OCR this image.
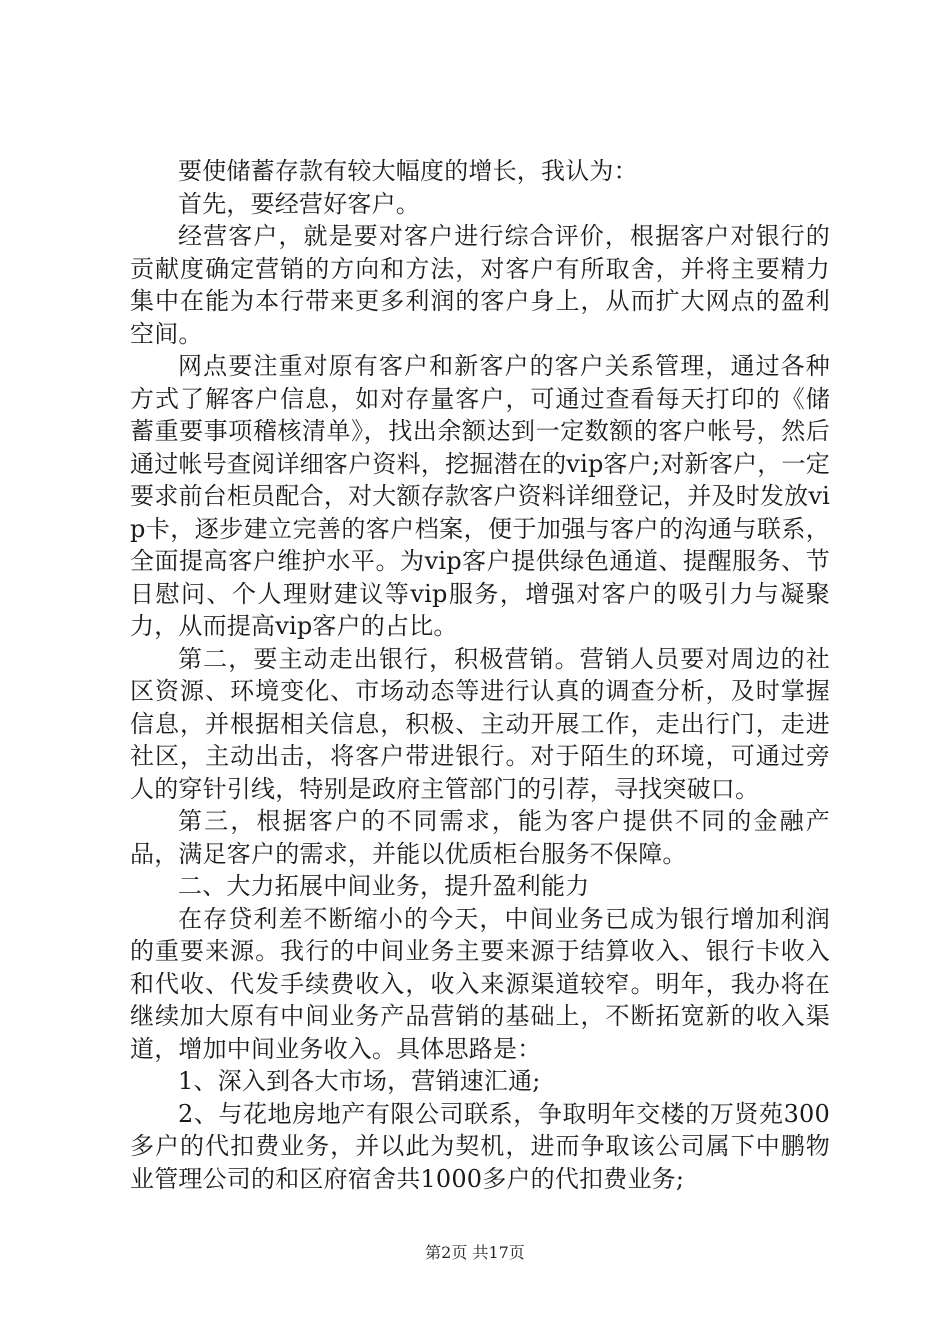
要使储蓄存款有较大幅度的增长，我认为：

首先，要经营好客户。

经营客户，就是要对客户进行综合评价，根据客户对银行的贡献度确定营销的方向和方法，对客户有所取舍，并将主要精力集中在能为本行带来更多利润的客户身上，从而扩大网点的盈利空间。

网点要注重对原有客户和新客户的客户关系管理，通过各种方式了解客户信息，如对存量客户，可通过查看每天打印的《储蓄重要事项稽核清单》，找出余额达到一定数额的客户帐号，然后通过帐号查阅详细客户资料，挖掘潜在的vip客户;对新客户，一定要求前台柜员配合，对大额存款客户资料详细登记，并及时发放vip卡，逐步建立完善的客户档案，便于加强与客户的沟通与联系，全面提高客户维护水平。为vip客户提供绿色通道、提醒服务、节日慰问、个人理财建议等vip服务，增强对客户的吸引力与凝聚力，从而提高vip客户的占比。

第二，要主动走出银行，积极营销。营销人员要对周边的社区资源、环境变化、市场动态等进行认真的调查分析，及时掌握信息，并根据相关信息，积极、主动开展工作，走出行门，走进社区，主动出击，将客户带进银行。对于陌生的环境，可通过旁人的穿针引线，特别是政府主管部门的引荐，寻找突破口。

第三，根据客户的不同需求，能为客户提供不同的金融产品，满足客户的需求，并能以优质柜台服务不保障。

二、大力拓展中间业务，提升盈利能力

在存贷利差不断缩小的今天，中间业务已成为银行增加利润的重要来源。我行的中间业务主要来源于结算收入、银行卡收入和代收、代发手续费收入，收入来源渠道较窄。明年，我办将在继续加大原有中间业务产品营销的基础上，不断拓宽新的收入渠道，增加中间业务收入。具体思路是：

1、深入到各大市场，营销速汇通;

2、与花地房地产有限公司联系，争取明年交楼的万贤苑300多户的代扣费业务，并以此为契机，进而争取该公司属下中鹏物业管理公司的和区府宿舍共1000多户的代扣费业务;

第2页 共17页
